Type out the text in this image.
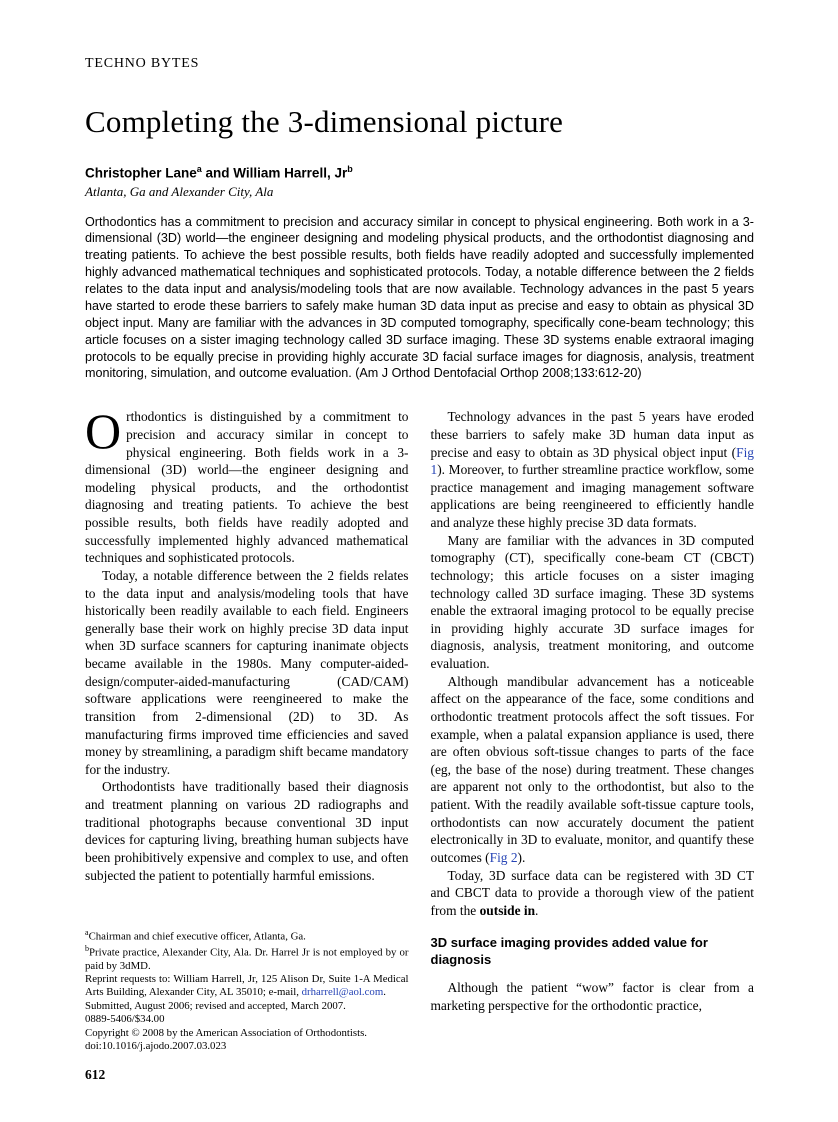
TECHNO BYTES
Completing the 3-dimensional picture
Christopher Lane$^a$ and William Harrell, Jr$^b$
Atlanta, Ga and Alexander City, Ala

Orthodontics has a commitment to precision and accuracy similar in concept to physical engineering. Both work in a 3-dimensional (3D) world—the engineer designing and modeling physical products, and the orthodontist diagnosing and treating patients. To achieve the best possible results, both fields have readily adopted and successfully implemented highly advanced mathematical techniques and sophisticated protocols. Today, a notable difference between the 2 fields relates to the data input and analysis/modeling tools that are now available. Technology advances in the past 5 years have started to erode these barriers to safely make human 3D data input as precise and easy to obtain as physical 3D object input. Many are familiar with the advances in 3D computed tomography, specifically cone-beam technology; this article focuses on a sister imaging technology called 3D surface imaging. These 3D systems enable extraoral imaging protocols to be equally precise in providing highly accurate 3D facial surface images for diagnosis, analysis, treatment monitoring, simulation, and outcome evaluation. (Am J Orthod Dentofacial Orthop 2008;133:612-20)

Orthodontics is distinguished by a commitment to precision and accuracy similar in concept to physical engineering. Both fields work in a 3-dimensional (3D) world—the engineer designing and modeling physical products, and the orthodontist diagnosing and treating patients. To achieve the best possible results, both fields have readily adopted and successfully implemented highly advanced mathematical techniques and sophisticated protocols.

Today, a notable difference between the 2 fields relates to the data input and analysis/modeling tools that have historically been readily available to each field. Engineers generally base their work on highly precise 3D data input when 3D surface scanners for capturing inanimate objects became available in the 1980s. Many computer-aided-design/computer-aided-manufacturing (CAD/CAM) software applications were reengineered to make the transition from 2-dimensional (2D) to 3D. As manufacturing firms improved time efficiencies and saved money by streamlining, a paradigm shift became mandatory for the industry.

Orthodontists have traditionally based their diagnosis and treatment planning on various 2D radiographs and traditional photographs because conventional 3D input devices for capturing living, breathing human subjects have been prohibitively expensive and complex to use, and often subjected the patient to potentially harmful emissions.

$^a$Chairman and chief executive officer, Atlanta, Ga.

$^b$Private practice, Alexander City, Ala. Dr. Harrel Jr is not employed by or paid by 3dMD.

Reprint requests to: William Harrell, Jr, 125 Alison Dr, Suite 1-A Medical Arts Building, Alexander City, AL 35010; e-mail, drharrell@aol.com.

Submitted, August 2006; revised and accepted, March 2007.

0889-5406/$34.00

Copyright © 2008 by the American Association of Orthodontists.

doi:10.1016/j.ajodo.2007.03.023

Technology advances in the past 5 years have eroded these barriers to safely make 3D human data input as precise and easy to obtain as 3D physical object input (Fig 1). Moreover, to further streamline practice workflow, some practice management and imaging management software applications are being reengineered to efficiently handle and analyze these highly precise 3D data formats.

Many are familiar with the advances in 3D computed tomography (CT), specifically cone-beam CT (CBCT) technology; this article focuses on a sister imaging technology called 3D surface imaging. These 3D systems enable the extraoral imaging protocol to be equally precise in providing highly accurate 3D surface images for diagnosis, analysis, treatment monitoring, and outcome evaluation.

Although mandibular advancement has a noticeable affect on the appearance of the face, some conditions and orthodontic treatment protocols affect the soft tissues. For example, when a palatal expansion appliance is used, there are often obvious soft-tissue changes to parts of the face (eg, the base of the nose) during treatment. These changes are apparent not only to the orthodontist, but also to the patient. With the readily available soft-tissue capture tools, orthodontists can now accurately document the patient electronically in 3D to evaluate, monitor, and quantify these outcomes (Fig 2).

Today, 3D surface data can be registered with 3D CT and CBCT data to provide a thorough view of the patient from the outside in.

3D surface imaging provides added value for diagnosis

Although the patient “wow” factor is clear from a marketing perspective for the orthodontic practice,

612
